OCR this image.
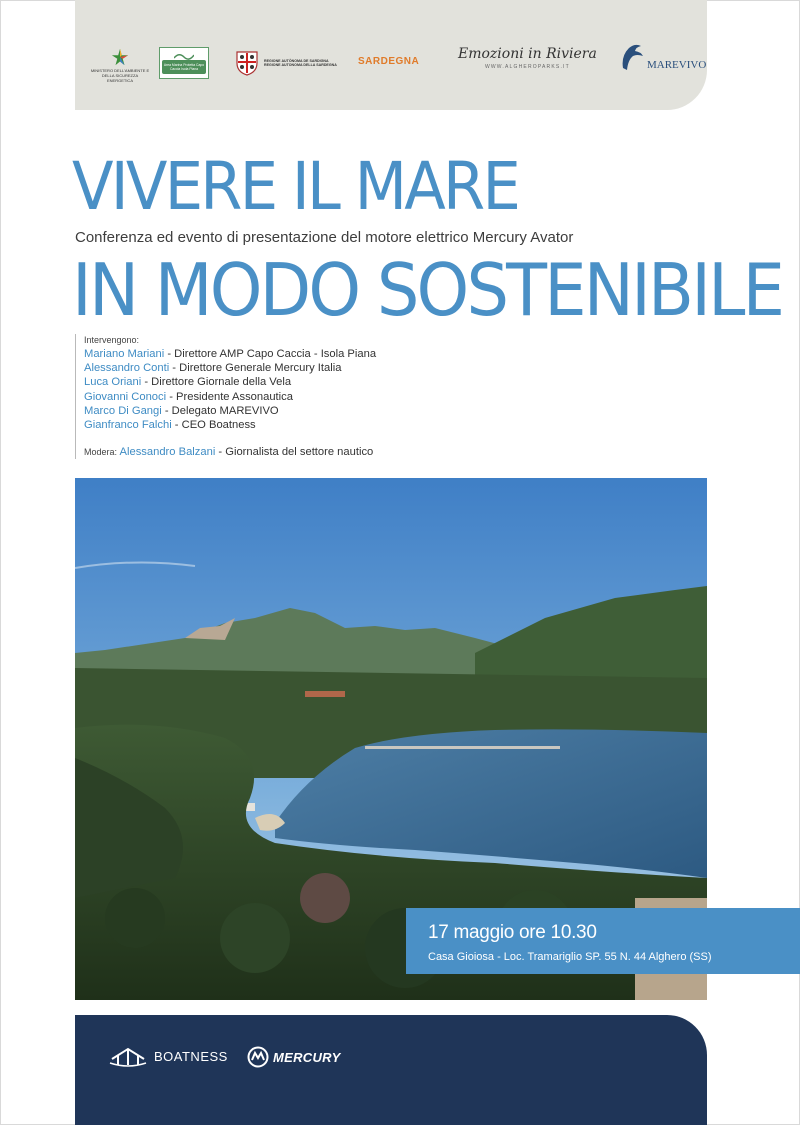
MINISTERO DELL'AMBIENTE E DELLA SICUREZZA ENERGETICA
Area Marina Protetta Capo Caccia Isola Piana
REGIONE AUTÒNOMA DE SARDIGNA REGIONE AUTONOMA DELLA SARDEGNA	SARDEGNA	Emozioni in Riviera
WWW.ALGHEROPARKS.IT	MAREVIVO
VIVERE IL MARE
Conferenza ed evento di presentazione del motore elettrico Mercury Avator
IN MODO SOSTENIBILE
Intervengono:
Mariano Mariani - Direttore AMP Capo Caccia - Isola Piana
Alessandro Conti - Direttore Generale Mercury Italia
Luca Oriani - Direttore Giornale della Vela
Giovanni Conoci - Presidente Assonautica
Marco Di Gangi - Delegato MAREVIVO
Gianfranco Falchi - CEO Boatness
Modera: Alessandro Balzani - Giornalista del settore nautico
17 maggio ore 10.30
Casa Gioiosa - Loc. Tramariglio SP. 55 N. 44 Alghero (SS)
BOATNESS	MERCURY
